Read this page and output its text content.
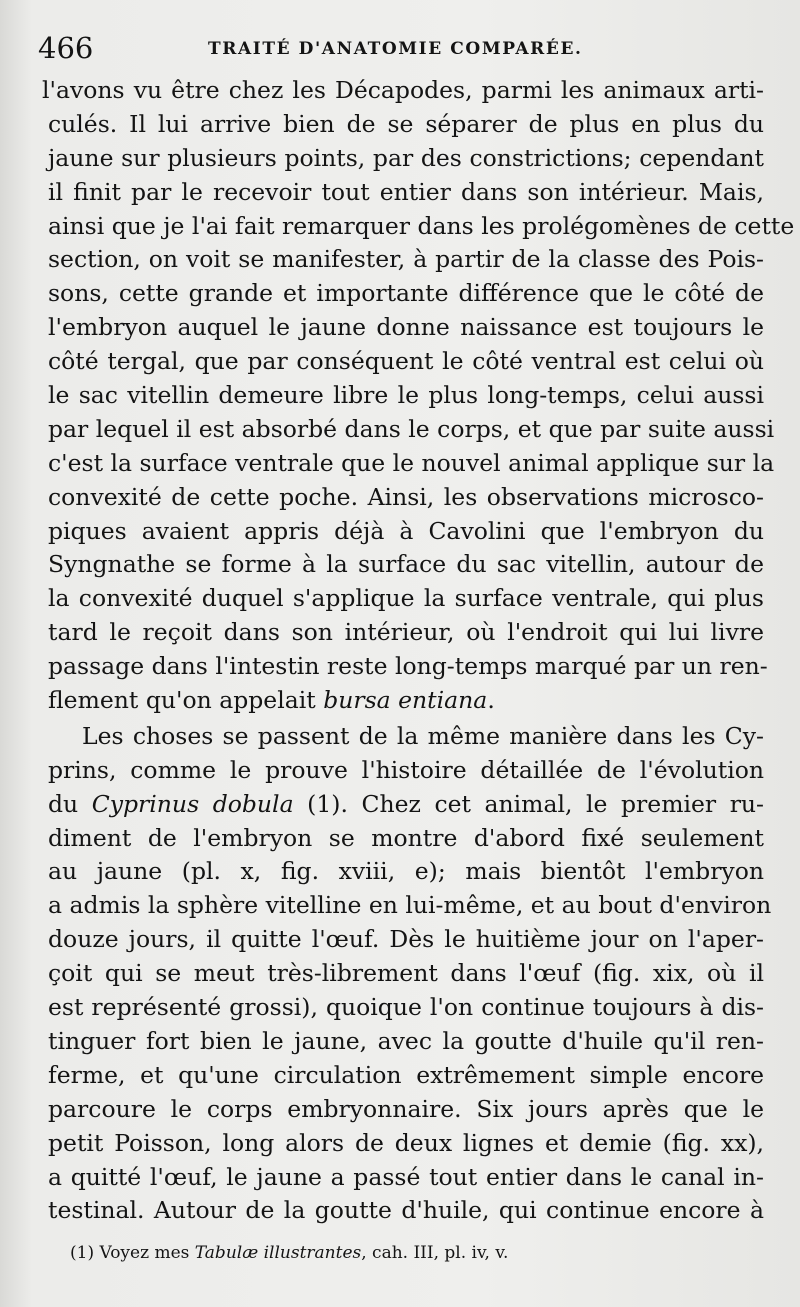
466	TRAITÉ D'ANATOMIE COMPARÉE.
l'avons vu être chez les Décapodes, parmi les animaux arti-
culés. Il lui arrive bien de se séparer de plus en plus du
jaune sur plusieurs points, par des constrictions; cependant
il finit par le recevoir tout entier dans son intérieur. Mais,
ainsi que je l'ai fait remarquer dans les prolégomènes de cette
section, on voit se manifester, à partir de la classe des Pois-
sons, cette grande et importante différence que le côté de
l'embryon auquel le jaune donne naissance est toujours le
côté tergal, que par conséquent le côté ventral est celui où
le sac vitellin demeure libre le plus long-temps, celui aussi
par lequel il est absorbé dans le corps, et que par suite aussi
c'est la surface ventrale que le nouvel animal applique sur la
convexité de cette poche. Ainsi, les observations microsco-
piques avaient appris déjà à Cavolini que l'embryon du
Syngnathe se forme à la surface du sac vitellin, autour de
la convexité duquel s'applique la surface ventrale, qui plus
tard le reçoit dans son intérieur, où l'endroit qui lui livre
passage dans l'intestin reste long-temps marqué par un ren-
flement qu'on appelait bursa entiana.
Les choses se passent de la même manière dans les Cy-
prins, comme le prouve l'histoire détaillée de l'évolution
du Cyprinus dobula (1). Chez cet animal, le premier ru-
diment de l'embryon se montre d'abord fixé seulement
au jaune (pl. x, fig. xviii, e); mais bientôt l'embryon
a admis la sphère vitelline en lui-même, et au bout d'environ
douze jours, il quitte l'œuf. Dès le huitième jour on l'aper-
çoit qui se meut très-librement dans l'œuf (fig. xix, où il
est représenté grossi), quoique l'on continue toujours à dis-
tinguer fort bien le jaune, avec la goutte d'huile qu'il ren-
ferme, et qu'une circulation extrêmement simple encore
parcoure le corps embryonnaire. Six jours après que le
petit Poisson, long alors de deux lignes et demie (fig. xx),
a quitté l'œuf, le jaune a passé tout entier dans le canal in-
testinal. Autour de la goutte d'huile, qui continue encore à
(1) Voyez mes Tabulæ illustrantes, cah. III, pl. iv, v.
